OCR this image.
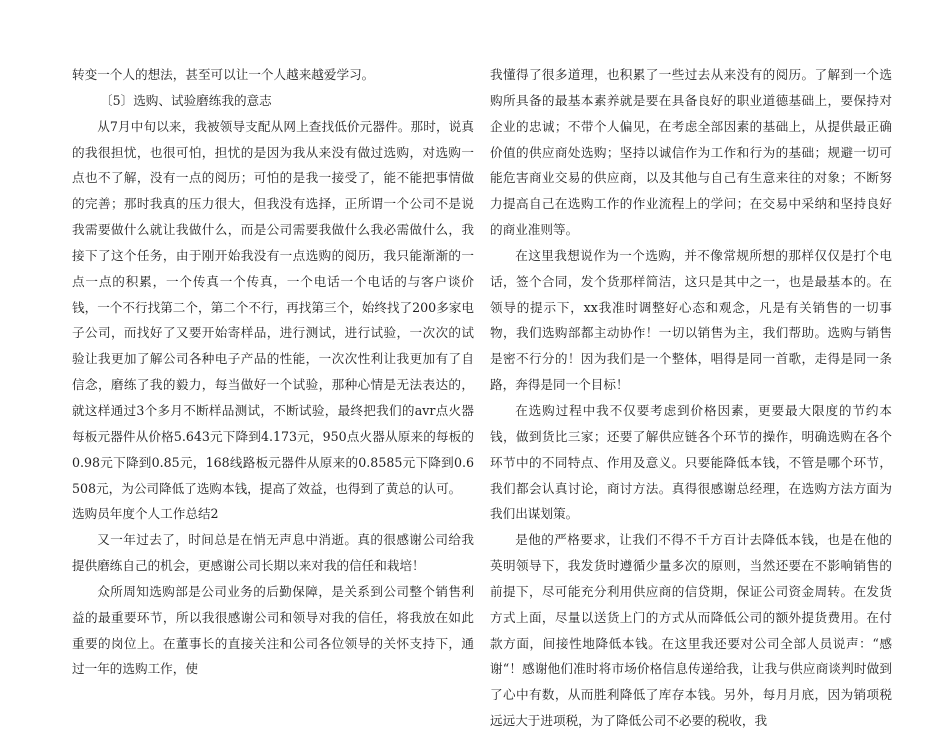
转变一个人的想法，甚至可以让一个人越来越爱学习。

〔5〕选购、试验磨练我的意志

从7月中旬以来，我被领导支配从网上查找低价元器件。那时，说真的我很担忧，也很可怕，担忧的是因为我从来没有做过选购，对选购一点也不了解，没有一点的阅历；可怕的是我一接受了，能不能把事情做的完善；那时我真的压力很大，但我没有选择，正所谓一个公司不是说我需要做什么就让我做什么，而是公司需要我做什么我必需做什么，我接下了这个任务，由于刚开始我没有一点选购的阅历，我只能渐渐的一点一点的积累，一个传真一个传真，一个电话一个电话的与客户谈价钱，一个不行找第二个，第二个不行，再找第三个，始终找了200多家电子公司，而找好了又要开始寄样品，进行测试，进行试验，一次次的试验让我更加了解公司各种电子产品的性能，一次次性利让我更加有了自信念，磨练了我的毅力，每当做好一个试验，那种心情是无法表达的，就这样通过3个多月不断样品测试，不断试验，最终把我们的avr点火器每板元器件从价格5.643元下降到4.173元，950点火器从原来的每板的0.98元下降到0.85元，168线路板元器件从原来的0.8585元下降到0.6508元，为公司降低了选购本钱，提高了效益，也得到了黄总的认可。

选购员年度个人工作总结2

又一年过去了，时间总是在悄无声息中消逝。真的很感谢公司给我提供磨练自己的机会，更感谢公司长期以来对我的信任和栽培！

众所周知选购部是公司业务的后勤保障，是关系到公司整个销售利益的最重要环节，所以我很感谢公司和领导对我的信任，将我放在如此重要的岗位上。在董事长的直接关注和公司各位领导的关怀支持下，通过一年的选购工作，使

我懂得了很多道理，也积累了一些过去从来没有的阅历。了解到一个选购所具备的最基本素养就是要在具备良好的职业道德基础上，要保持对企业的忠诚；不带个人偏见，在考虑全部因素的基础上，从提供最正确价值的供应商处选购；坚持以诚信作为工作和行为的基础；规避一切可能危害商业交易的供应商，以及其他与自己有生意来往的对象；不断努力提高自己在选购工作的作业流程上的学问；在交易中采纳和坚持良好的商业准则等。

在这里我想说作为一个选购，并不像常规所想的那样仅仅是打个电话，签个合同，发个货那样简洁，这只是其中之一，也是最基本的。在领导的提示下，xx我准时调整好心态和观念，凡是有关销售的一切事物，我们选购部都主动协作！一切以销售为主，我们帮助。选购与销售是密不行分的！因为我们是一个整体，唱得是同一首歌，走得是同一条路，奔得是同一个目标！

在选购过程中我不仅要考虑到价格因素，更要最大限度的节约本钱，做到货比三家；还要了解供应链各个环节的操作，明确选购在各个环节中的不同特点、作用及意义。只要能降低本钱，不管是哪个环节，我们都会认真讨论，商讨方法。真得很感谢总经理，在选购方法方面为我们出谋划策。

是他的严格要求，让我们不得不千方百计去降低本钱，也是在他的英明领导下，我发货时遵循少量多次的原则，当然还要在不影响销售的前提下，尽可能充分利用供应商的信贷期，保证公司资金周转。在发货方式上面，尽量以送货上门的方式从而降低公司的额外提货费用。在付款方面，间接性地降低本钱。在这里我还要对公司全部人员说声：“感谢“！感谢他们准时将市场价格信息传递给我，让我与供应商谈判时做到了心中有数，从而胜利降低了库存本钱。另外，每月月底，因为销项税远远大于进项税，为了降低公司不必要的税收，我
